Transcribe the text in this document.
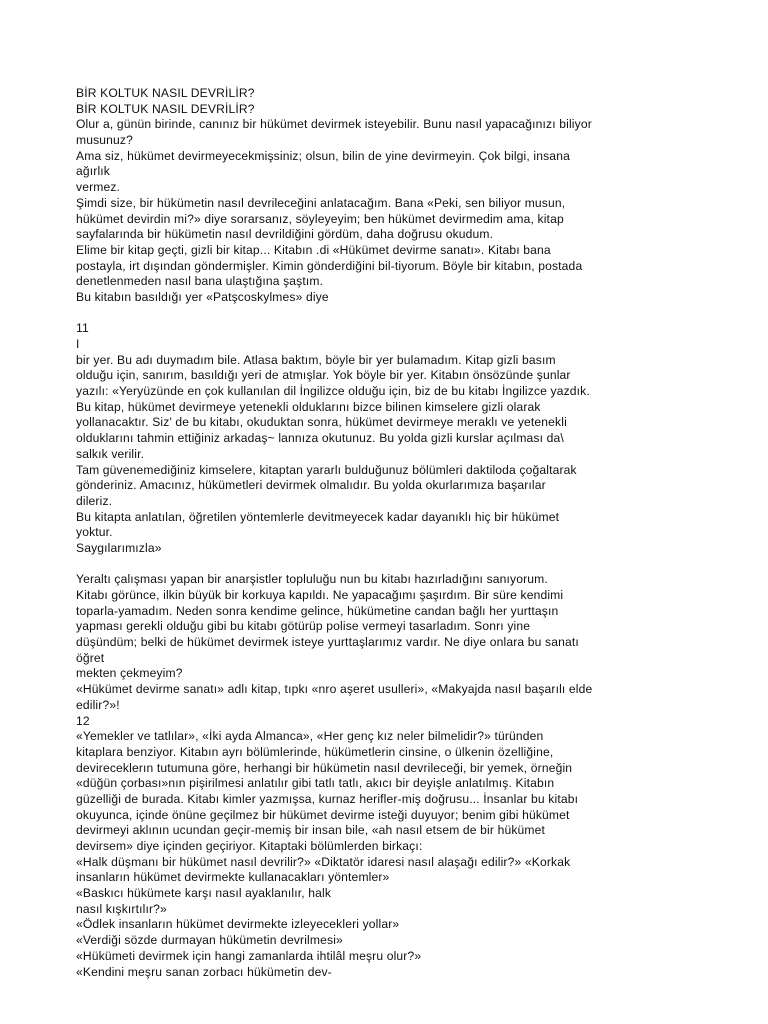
BİR KOLTUK NASIL DEVRİLİR?
BİR KOLTUK NASIL DEVRİLİR?
Olur a, günün birinde, canınız bir hükümet devirmek isteyebilir. Bunu nasıl yapacağınızı biliyor
musunuz?
Ama siz, hükümet devirmeyecekmişsiniz; olsun, bilin de yine devirmeyin. Çok bilgi, insana
ağırlık
vermez.
Şimdi size, bir hükümetin nasıl devrileceğini anlatacağım. Bana «Peki, sen biliyor musun,
hükümet devirdin mi?» diye sorarsanız, söyleyeyim; ben hükümet devirmedim ama, kitap
sayfalarında bir hükümetin nasıl devrildiğini gördüm, daha doğrusu okudum.
Elime bir kitap geçti, gizli bir kitap... Kitabın .di «Hükümet devirme sanatı». Kitabı bana
postayla, irt dışından göndermişler. Kimin gönderdiğini bil-tiyorum. Böyle bir kitabın, postada
denetlenmeden nasıl bana ulaştığına şaştım.
Bu kitabın basıldığı yer «Patşcoskylmes» diye
11
I
bir yer. Bu adı duymadım bile. Atlasa baktım, böyle bir yer bulamadım. Kitap gizli basım
olduğu için, sanırım, basıldığı yeri de atmışlar. Yok böyle bir yer. Kitabın önsözünde şunlar
yazılı: «Yeryüzünde en çok kullanılan dil İngilizce olduğu için, biz de bu kitabı İngilizce yazdık.
Bu kitap, hükümet devirmeye yetenekli olduklarını bizce bilinen kimselere gizli olarak
yollanacaktır. Siz' de bu kitabı, okuduktan sonra, hükümet devirmeye meraklı ve yetenekli
olduklarını tahmin ettiğiniz arkadaş~ lannıza okutunuz. Bu yolda gizli kurslar açılması da\
salkık verilir.
Tam güvenemediğiniz kimselere, kitaptan yararlı bulduğunuz bölümleri daktiloda çoğaltarak
gönderiniz. Amacınız, hükümetleri devirmek olmalıdır. Bu yolda okurlarımıza başarılar
dileriz.
Bu kitapta anlatılan, öğretilen yöntemlerle devitmeyecek kadar dayanıklı hiç bir hükümet
yoktur.
Saygılarımızla»
Yeraltı çalışması yapan bir anarşistler topluluğu nun bu kitabı hazırladığını sanıyorum.
Kitabı görünce, ilkin büyük bir korkuya kapıldı. Ne yapacağımı şaşırdım. Bir süre kendimi
toparla-yamadım. Neden sonra kendime gelince, hükümetine candan bağlı her yurttaşın
yapması gerekli olduğu gibi bu kitabı götürüp polise vermeyi tasarladım. Sonrı yine
düşündüm; belki de hükümet devirmek isteye yurttaşlarımız vardır. Ne diye onlara bu sanatı
öğret
mekten çekmeyim?
«Hükümet devirme sanatı» adlı kitap, tıpkı «nro aşeret usulleri», «Makyajda nasıl başarılı elde
edilir?»!
12
«Yemekler ve tatlılar», «İki ayda Almanca», «Her genç kız neler bilmelidir?» türünden
kitaplara benziyor. Kitabın ayrı bölümlerinde, hükümetlerin cinsine, o ülkenin özelliğine,
devireceklerın tutumuna göre, herhangi bir hükümetin nasıl devrileceği, bir yemek, örneğin
«düğün çorbası»nın pişirilmesi anlatılır gibi tatlı tatlı, akıcı bir deyişle anlatılmış. Kitabın
güzelliği de burada. Kitabı kimler yazmışsa, kurnaz herifler-miş doğrusu... İnsanlar bu kitabı
okuyunca, içinde önüne geçilmez bir hükümet devirme isteği duyuyor; benim gibi hükümet
devirmeyi aklının ucundan geçir-memiş bir insan bile, «ah nasıl etsem de bir hükümet
devirsem» diye içinden geçiriyor. Kitaptaki bölümlerden birkaçı:
«Halk düşmanı bir hükümet nasıl devrilir?» «Diktatör idaresi nasıl alaşağı edilir?» «Korkak
insanların hükümet devirmekte kullanacakları yöntemler»
«Baskıcı hükümete karşı nasıl ayaklanılır, halk
nasıl kışkırtılır?»
«Ödlek insanların hükümet devirmekte izleyecekleri yollar»
«Verdiği sözde durmayan hükümetin devrilmesi»
«Hükümeti devirmek için hangi zamanlarda ihtilâl meşru olur?»
«Kendini meşru sanan zorbacı hükümetin dev-
